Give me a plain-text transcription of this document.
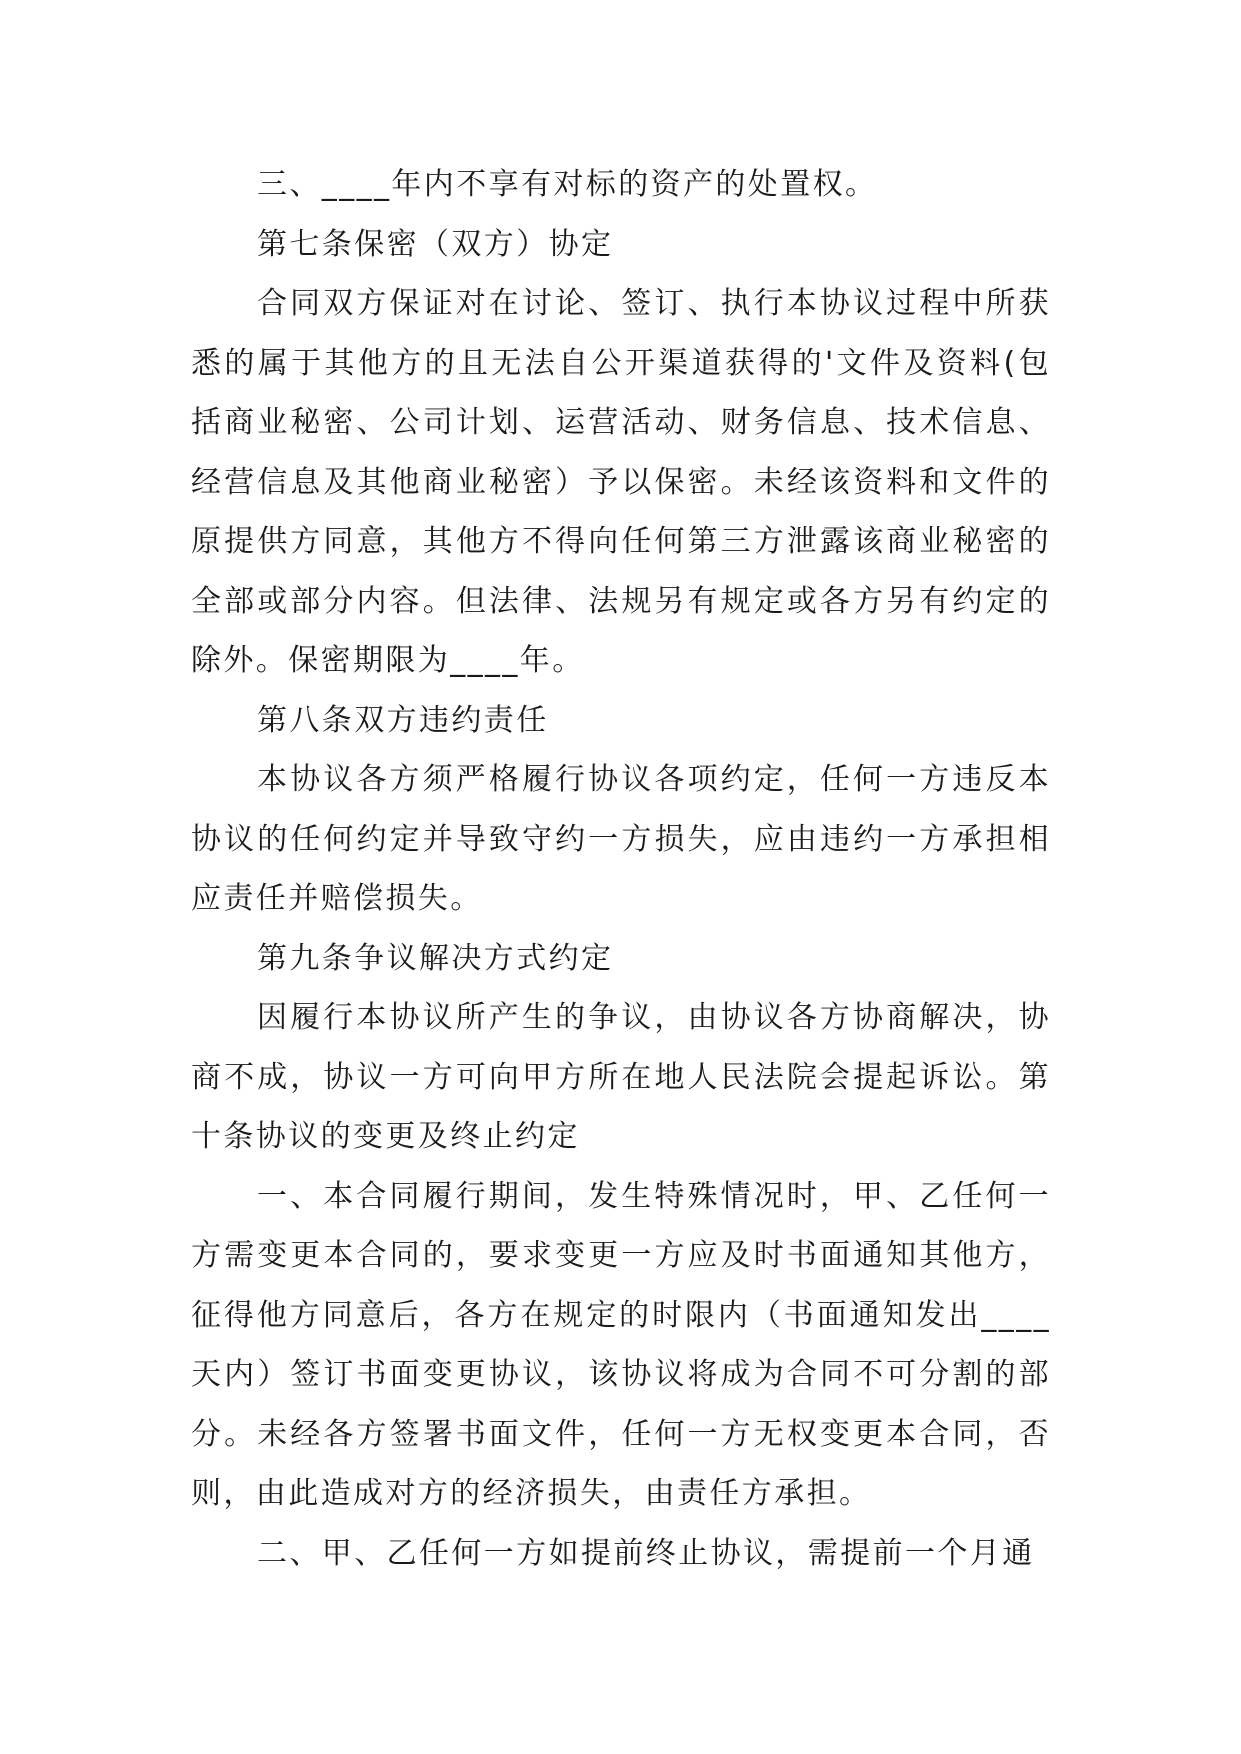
三、____年内不享有对标的资产的处置权。

第七条保密（双方）协定

合同双方保证对在讨论、签订、执行本协议过程中所获悉的属于其他方的且无法自公开渠道获得的'文件及资料(包括商业秘密、公司计划、运营活动、财务信息、技术信息、经营信息及其他商业秘密）予以保密。未经该资料和文件的原提供方同意，其他方不得向任何第三方泄露该商业秘密的全部或部分内容。但法律、法规另有规定或各方另有约定的除外。保密期限为____年。

第八条双方违约责任

本协议各方须严格履行协议各项约定，任何一方违反本协议的任何约定并导致守约一方损失，应由违约一方承担相应责任并赔偿损失。

第九条争议解决方式约定

因履行本协议所产生的争议，由协议各方协商解决，协商不成，协议一方可向甲方所在地人民法院会提起诉讼。第十条协议的变更及终止约定

一、本合同履行期间，发生特殊情况时，甲、乙任何一方需变更本合同的，要求变更一方应及时书面通知其他方，征得他方同意后，各方在规定的时限内（书面通知发出____天内）签订书面变更协议，该协议将成为合同不可分割的部分。未经各方签署书面文件，任何一方无权变更本合同，否则，由此造成对方的经济损失，由责任方承担。

二、甲、乙任何一方如提前终止协议，需提前一个月通
